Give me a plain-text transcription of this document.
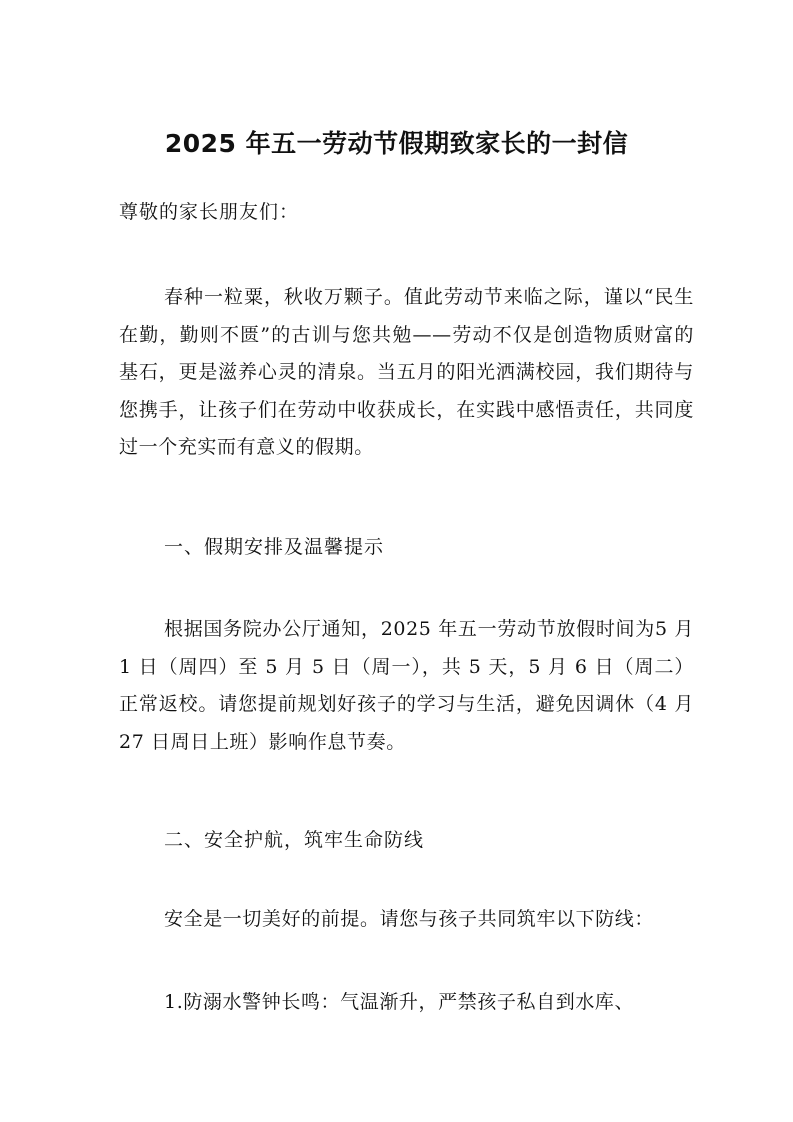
2025 年五一劳动节假期致家长的一封信
尊敬的家长朋友们：

春种一粒粟，秋收万颗子。值此劳动节来临之际，谨以“民生在勤，勤则不匮”的古训与您共勉——劳动不仅是创造物质财富的基石，更是滋养心灵的清泉。当五月的阳光洒满校园，我们期待与您携手，让孩子们在劳动中收获成长，在实践中感悟责任，共同度过一个充实而有意义的假期。

一、假期安排及温馨提示

根据国务院办公厅通知，2025 年五一劳动节放假时间为5 月 1 日（周四）至 5 月 5 日（周一），共 5 天，5 月 6 日（周二）正常返校。请您提前规划好孩子的学习与生活，避免因调休（4 月 27 日周日上班）影响作息节奏。

二、安全护航，筑牢生命防线

安全是一切美好的前提。请您与孩子共同筑牢以下防线：

1.防溺水警钟长鸣：气温渐升，严禁孩子私自到水库、
